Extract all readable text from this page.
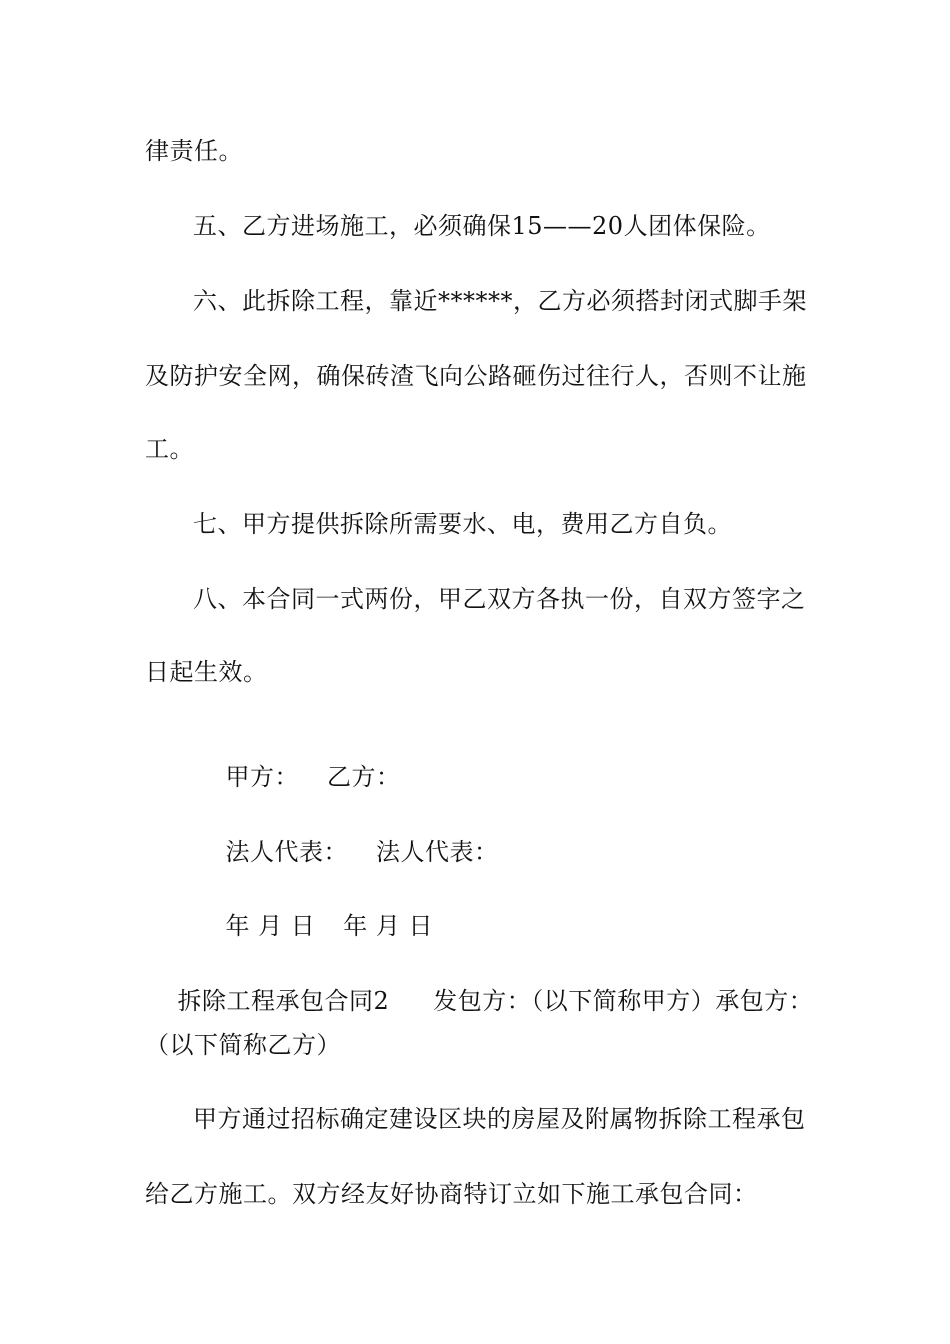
律责任。
五、乙方进场施工，必须确保15——20人团体保险。
六、此拆除工程，靠近******，乙方必须搭封闭式脚手架
及防护安全网，确保砖渣飞向公路砸伤过往行人，否则不让施
工。
七、甲方提供拆除所需要水、电，费用乙方自负。
八、本合同一式两份，甲乙双方各执一份，自双方签字之
日起生效。

甲方： 乙方：

法人代表： 法人代表：

年 月 日 年 月 日

拆除工程承包合同2 发包方：（以下简称甲方）承包方：

（以下简称乙方）
甲方通过招标确定建设区块的房屋及附属物拆除工程承包
给乙方施工。双方经友好协商特订立如下施工承包合同：
